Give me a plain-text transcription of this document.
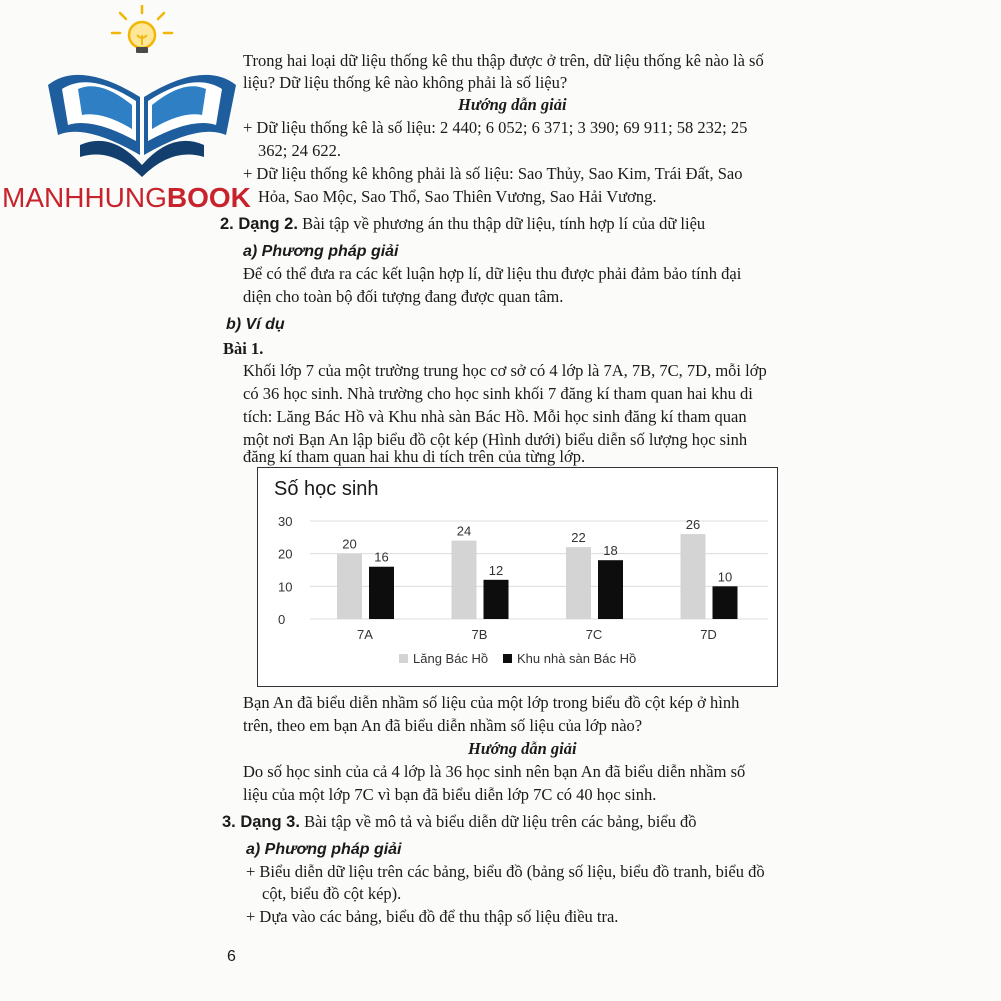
MANHHUNGBOOK
Trong hai loại dữ liệu thống kê thu thập được ở trên, dữ liệu thống kê nào là số
liệu? Dữ liệu thống kê nào không phải là số liệu?
Hướng dẫn giải
+ Dữ liệu thống kê là số liệu: 2 440; 6 052; 6 371; 3 390; 69 911; 58 232; 25
362; 24 622.
+ Dữ liệu thống kê không phải là số liệu: Sao Thủy, Sao Kim, Trái Đất, Sao
Hỏa, Sao Mộc, Sao Thổ, Sao Thiên Vương, Sao Hải Vương.
2. Dạng 2. Bài tập về phương án thu thập dữ liệu, tính hợp lí của dữ liệu
a) Phương pháp giải
Để có thể đưa ra các kết luận hợp lí, dữ liệu thu được phải đảm bảo tính đại
diện cho toàn bộ đối tượng đang được quan tâm.
b) Ví dụ
Bài 1.
Khối lớp 7 của một trường trung học cơ sở có 4 lớp là 7A, 7B, 7C, 7D, mỗi lớp
có 36 học sinh. Nhà trường cho học sinh khối 7 đăng kí tham quan hai khu di
tích: Lăng Bác Hồ và Khu nhà sàn Bác Hồ. Mỗi học sinh đăng kí tham quan
một nơi Bạn An lập biểu đồ cột kép (Hình dưới) biểu diễn số lượng học sinh
đăng kí tham quan hai khu di tích trên của từng lớp.
Số học sinh
0
10
20
30
20
16
7A
24
12
7B
22
18
7C
26
10
7D
Lăng Bác Hồ Khu nhà sàn Bác Hồ
Bạn An đã biểu diễn nhầm số liệu của một lớp trong biểu đồ cột kép ở hình
trên, theo em bạn An đã biểu diễn nhầm số liệu của lớp nào?
Hướng dẫn giải
Do số học sinh của cả 4 lớp là 36 học sinh nên bạn An đã biểu diễn nhầm số
liệu của một lớp 7C vì bạn đã biểu diễn lớp 7C có 40 học sinh.
3. Dạng 3. Bài tập về mô tả và biểu diễn dữ liệu trên các bảng, biểu đồ
a) Phương pháp giải
+ Biểu diễn dữ liệu trên các bảng, biểu đồ (bảng số liệu, biểu đồ tranh, biểu đồ
cột, biểu đồ cột kép).
+ Dựa vào các bảng, biểu đồ để thu thập số liệu điều tra.
6
